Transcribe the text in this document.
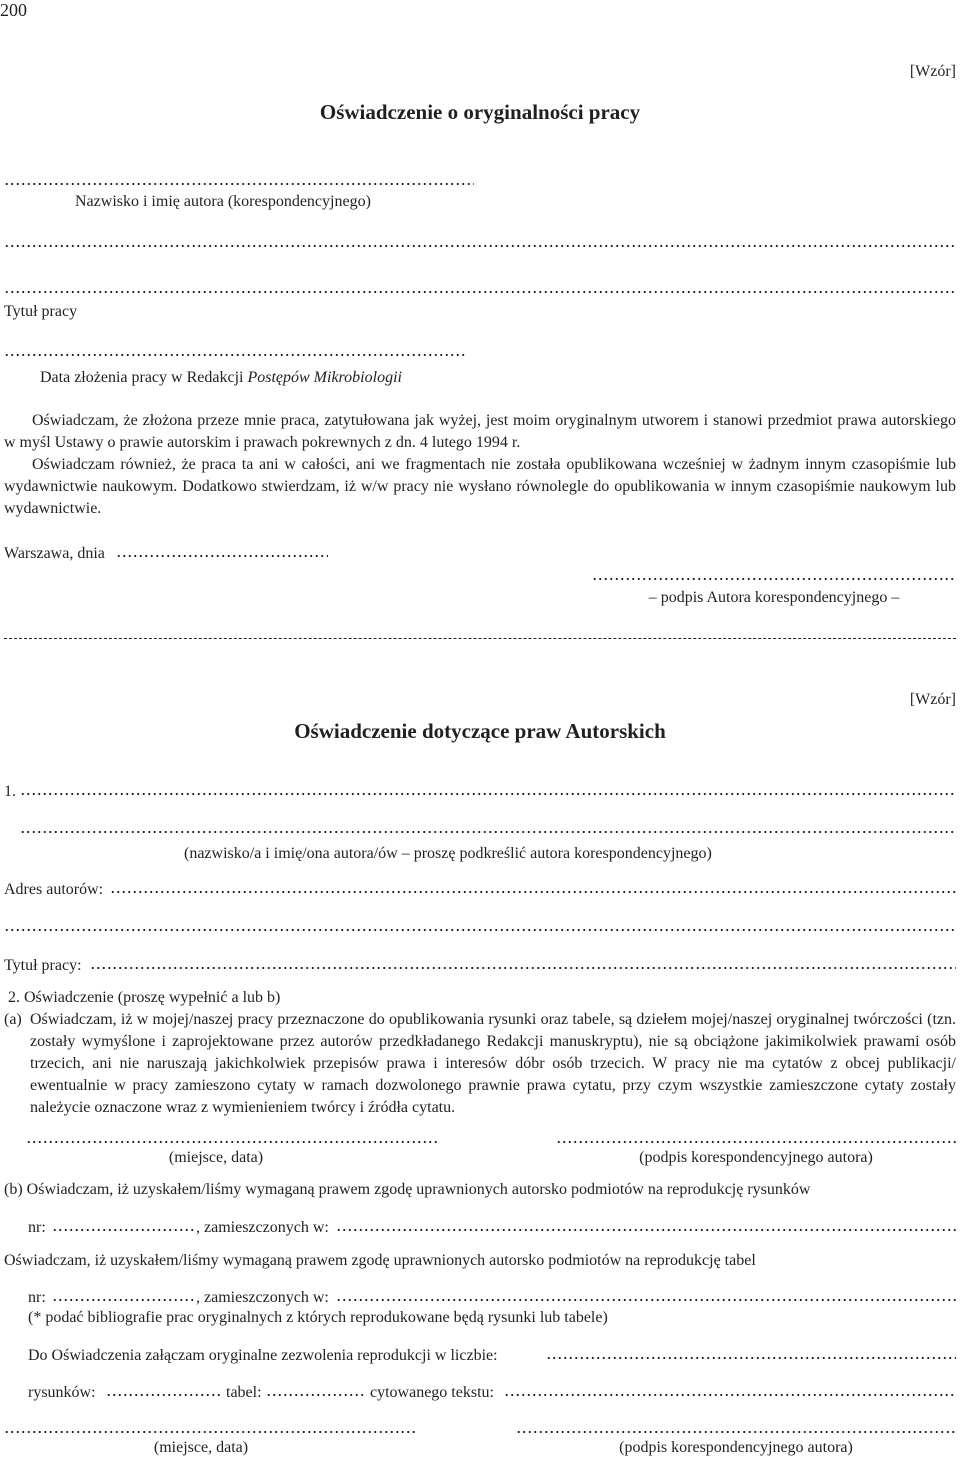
200
[Wzór]
Oświadczenie o oryginalności pracy
Nazwisko i imię autora (korespondencyjnego)
Tytuł pracy
Data złożenia pracy w Redakcji Postępów Mikrobiologii
Oświadczam, że złożona przeze mnie praca, zatytułowana jak wyżej, jest moim oryginalnym utworem i stanowi przedmiot prawa autorskiego w myśl Ustawy o prawie autorskim i prawach pokrewnych z dn. 4 lutego 1994 r.
Oświadczam również, że praca ta ani w całości, ani we fragmentach nie została opublikowana wcześniej w żadnym innym czasopiśmie lub wydawnictwie naukowym. Dodatkowo stwierdzam, iż w/w pracy nie wysłano równolegle do opublikowania w innym czasopiśmie naukowym lub wydawnictwie.
Warszawa, dnia
– podpis Autora korespondencyjnego –
[Wzór]
Oświadczenie dotyczące praw Autorskich
1.
(nazwisko/a i imię/ona autora/ów – proszę podkreślić autora korespondencyjnego)
Adres autorów:
Tytuł pracy:
2. Oświadczenie (proszę wypełnić a lub b)
(a) Oświadczam, iż w mojej/naszej pracy przeznaczone do opublikowania rysunki oraz tabele, są dziełem mojej/naszej oryginalnej twórczości (tzn. zostały wymyślone i zaprojektowane przez autorów przedkładanego Redakcji manuskryptu), nie są obciążone jakimikolwiek prawami osób trzecich, ani nie naruszają jakichkolwiek przepisów prawa i interesów dóbr osób trzecich. W pracy nie ma cytatów z obcej publikacji/ ewentualnie w pracy zamieszono cytaty w ramach dozwolonego prawnie prawa cytatu, przy czym wszystkie zamieszczone cytaty zostały należycie oznaczone wraz z wymienieniem twórcy i źródła cytatu.
(miejsce, data)	(podpis korespondencyjnego autora)
(b) Oświadczam, iż uzyskałem/liśmy wymaganą prawem zgodę uprawnionych autorsko podmiotów na reprodukcję rysunków
nr:	, zamieszczonych w:
Oświadczam, iż uzyskałem/liśmy wymaganą prawem zgodę uprawnionych autorsko podmiotów na reprodukcję tabel
nr:	, zamieszczonych w:
(* podać bibliografie prac oryginalnych z których reprodukowane będą rysunki lub tabele)
Do Oświadczenia załączam oryginalne zezwolenia reprodukcji w liczbie:
rysunków:	tabel:	cytowanego tekstu:
(miejsce, data)	(podpis korespondencyjnego autora)
